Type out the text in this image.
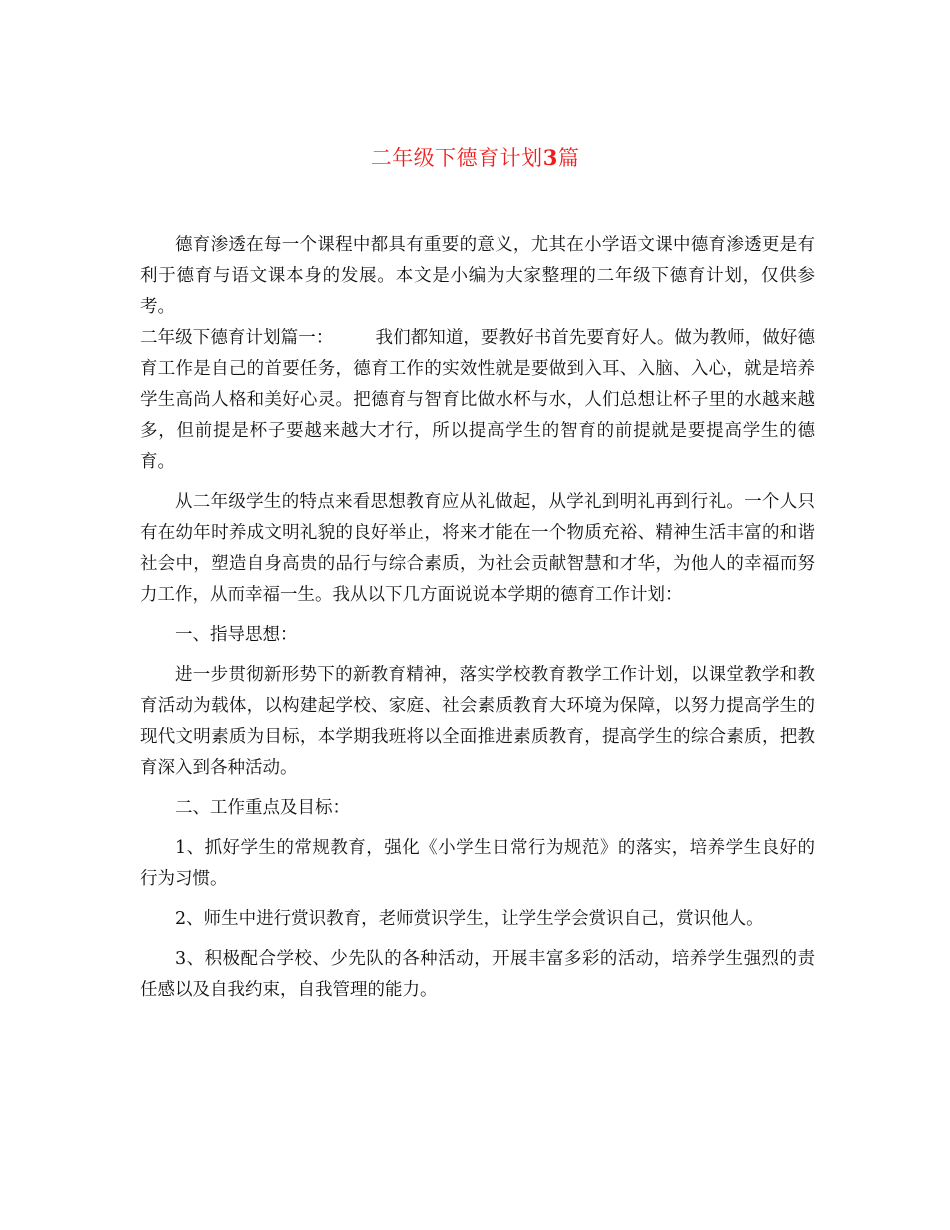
二年级下德育计划3篇

德育渗透在每一个课程中都具有重要的意义，尤其在小学语文课中德育渗透更是有利于德育与语文课本身的发展。本文是小编为大家整理的二年级下德育计划，仅供参考。

二年级下德育计划篇一： 我们都知道，要教好书首先要育好人。做为教师，做好德育工作是自己的首要任务，德育工作的实效性就是要做到入耳、入脑、入心，就是培养学生高尚人格和美好心灵。把德育与智育比做水杯与水，人们总想让杯子里的水越来越多，但前提是杯子要越来越大才行，所以提高学生的智育的前提就是要提高学生的德育。

从二年级学生的特点来看思想教育应从礼做起，从学礼到明礼再到行礼。一个人只有在幼年时养成文明礼貌的良好举止，将来才能在一个物质充裕、精神生活丰富的和谐社会中，塑造自身高贵的品行与综合素质，为社会贡献智慧和才华，为他人的幸福而努力工作，从而幸福一生。我从以下几方面说说本学期的德育工作计划：

一、指导思想：

进一步贯彻新形势下的新教育精神，落实学校教育教学工作计划，以课堂教学和教育活动为载体，以构建起学校、家庭、社会素质教育大环境为保障，以努力提高学生的现代文明素质为目标，本学期我班将以全面推进素质教育，提高学生的综合素质，把教育深入到各种活动。

二、工作重点及目标：

1、抓好学生的常规教育，强化《小学生日常行为规范》的落实，培养学生良好的行为习惯。

2、师生中进行赏识教育，老师赏识学生，让学生学会赏识自己，赏识他人。

3、积极配合学校、少先队的各种活动，开展丰富多彩的活动，培养学生强烈的责任感以及自我约束，自我管理的能力。
